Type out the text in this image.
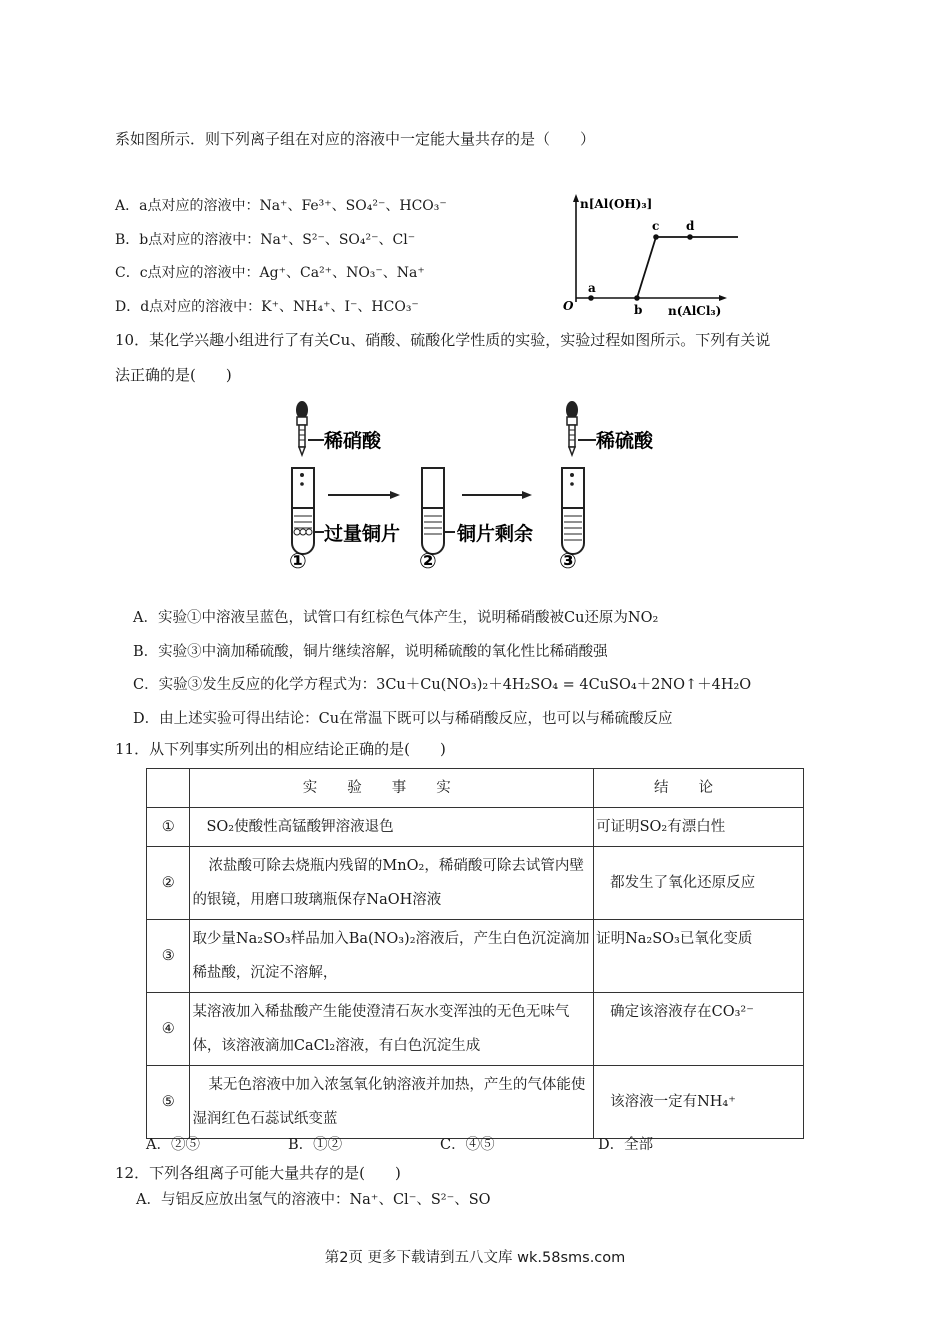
系如图所示．则下列离子组在对应的溶液中一定能大量共存的是（　　）
A．a点对应的溶液中：Na⁺、Fe³⁺、SO₄²⁻、HCO₃⁻
B．b点对应的溶液中：Na⁺、S²⁻、SO₄²⁻、Cl⁻
C．c点对应的溶液中：Ag⁺、Ca²⁺、NO₃⁻、Na⁺
D．d点对应的溶液中：K⁺、NH₄⁺、I⁻、HCO₃⁻
n[Al(OH)₃]
n(AlCl₃)
O
a
b
c d
10．某化学兴趣小组进行了有关Cu、硝酸、硫酸化学性质的实验，实验过程如图所示。下列有关说
法正确的是(　　)
稀硝酸
过量铜片
①
铜片剩余
②
稀硫酸
③
A．实验①中溶液呈蓝色，试管口有红棕色气体产生，说明稀硝酸被Cu还原为NO₂
B．实验③中滴加稀硫酸，铜片继续溶解，说明稀硫酸的氧化性比稀硝酸强
C．实验③发生反应的化学方程式为：3Cu＋Cu(NO₃)₂＋4H₂SO₄ = 4CuSO₄＋2NO↑＋4H₂O
D．由上述实验可得出结论：Cu在常温下既可以与稀硝酸反应，也可以与稀硫酸反应
11．从下列事实所列出的相应结论正确的是(　　)
	实验事实	结论
①	SO₂使酸性高锰酸钾溶液退色	可证明SO₂有漂白性
②	浓盐酸可除去烧瓶内残留的MnO₂，稀硝酸可除去试管内壁的银镜，用磨口玻璃瓶保存NaOH溶液	都发生了氧化还原反应
③	取少量Na₂SO₃样品加入Ba(NO₃)₂溶液后，产生白色沉淀滴加稀盐酸，沉淀不溶解，	证明Na₂SO₃已氧化变质
④	某溶液加入稀盐酸产生能使澄清石灰水变浑浊的无色无味气体，该溶液滴加CaCl₂溶液，有白色沉淀生成	确定该溶液存在CO₃²⁻
⑤	某无色溶液中加入浓氢氧化钠溶液并加热，产生的气体能使湿润红色石蕊试纸变蓝	该溶液一定有NH₄⁺
A．②⑤	B．①②	C．④⑤	D．全部
12．下列各组离子可能大量共存的是(　　)
A．与铝反应放出氢气的溶液中：Na⁺、Cl⁻、S²⁻、SO
第2页 更多下载请到五八文库 wk.58sms.com
